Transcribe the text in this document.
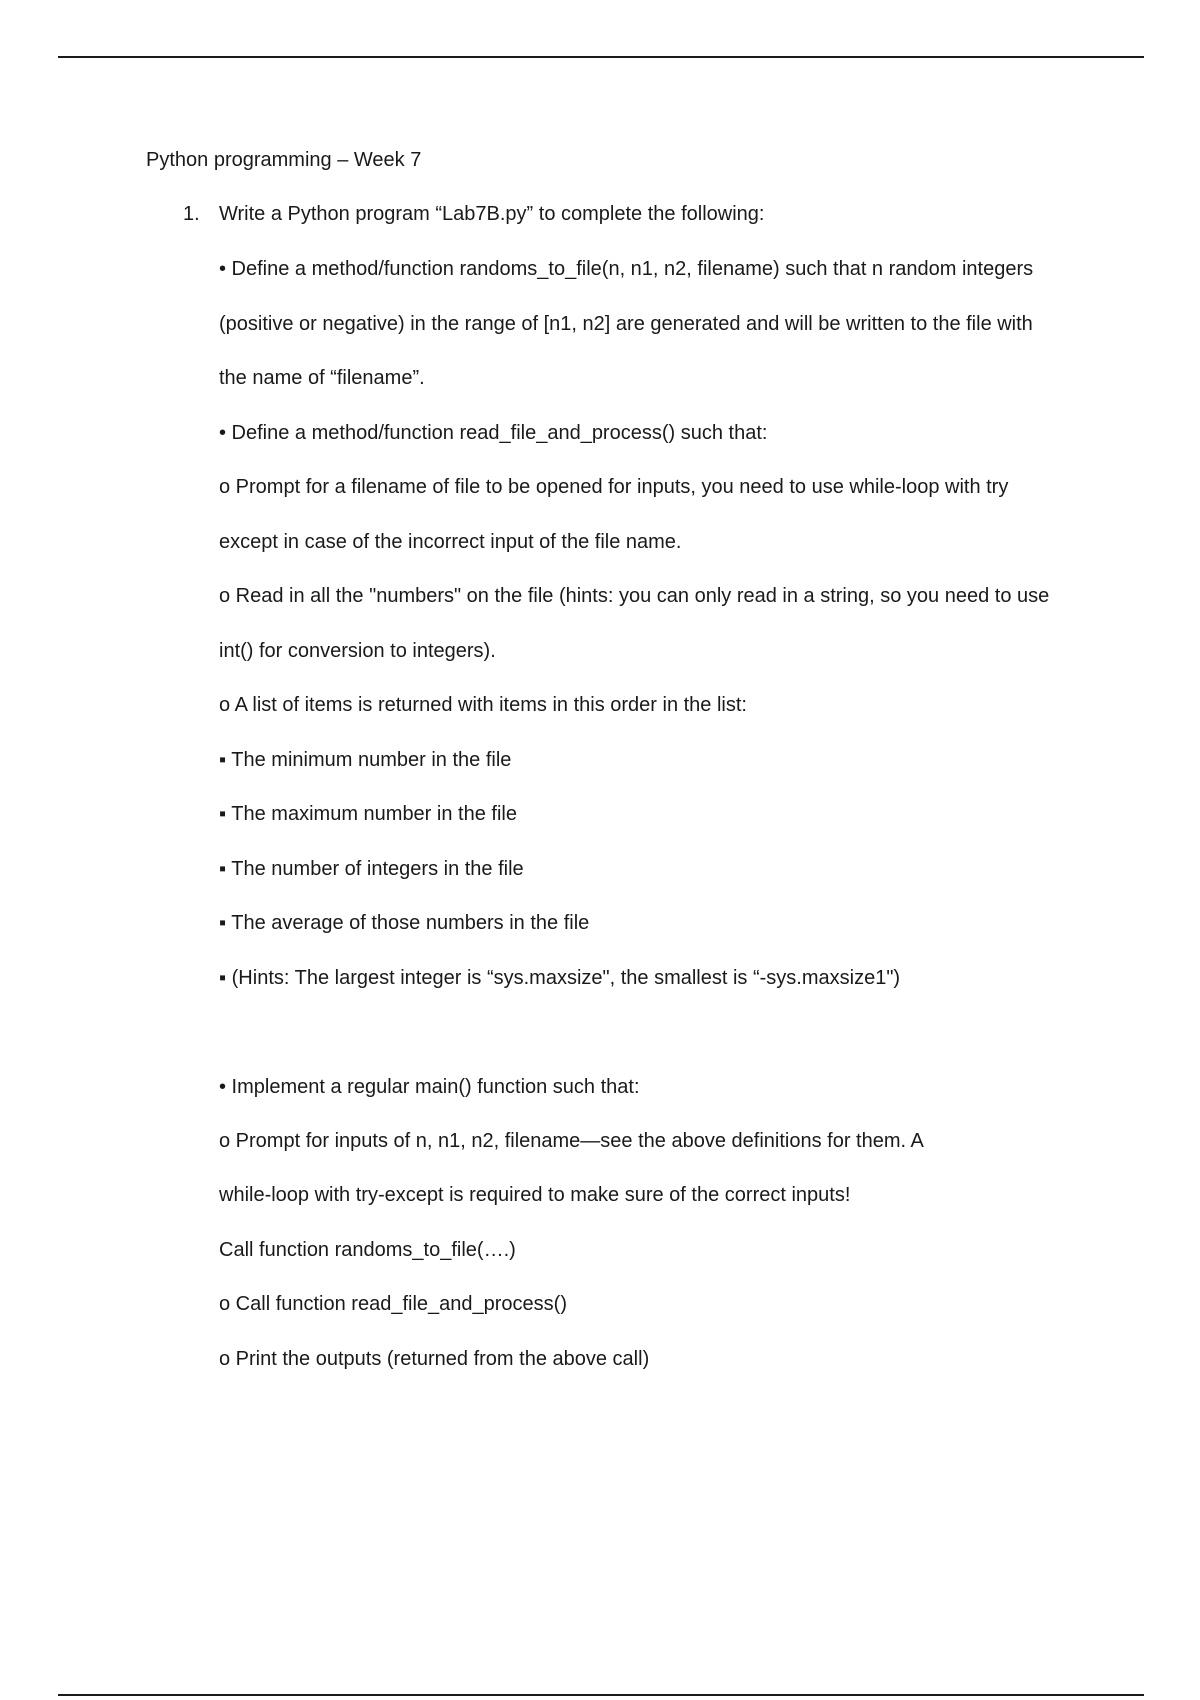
Python programming – Week 7
1. Write a Python program “Lab7B.py” to complete the following:
• Define a method/function randoms_to_file(n, n1, n2, filename) such that n random integers
(positive or negative) in the range of [n1, n2] are generated and will be written to the file with
the name of “filename”.
• Define a method/function read_file_and_process() such that:
o Prompt for a filename of file to be opened for inputs, you need to use while-loop with try
except in case of the incorrect input of the file name.
o Read in all the "numbers" on the file (hints: you can only read in a string, so you need to use
int() for conversion to integers).
o A list of items is returned with items in this order in the list:
▪ The minimum number in the file
▪ The maximum number in the file
▪ The number of integers in the file
▪ The average of those numbers in the file
▪ (Hints: The largest integer is “sys.maxsize", the smallest is “-sys.maxsize1")
• Implement a regular main() function such that:
o Prompt for inputs of n, n1, n2, filename—see the above definitions for them. A
while-loop with try-except is required to make sure of the correct inputs!
Call function randoms_to_file(….)
o Call function read_file_and_process()
o Print the outputs (returned from the above call)
